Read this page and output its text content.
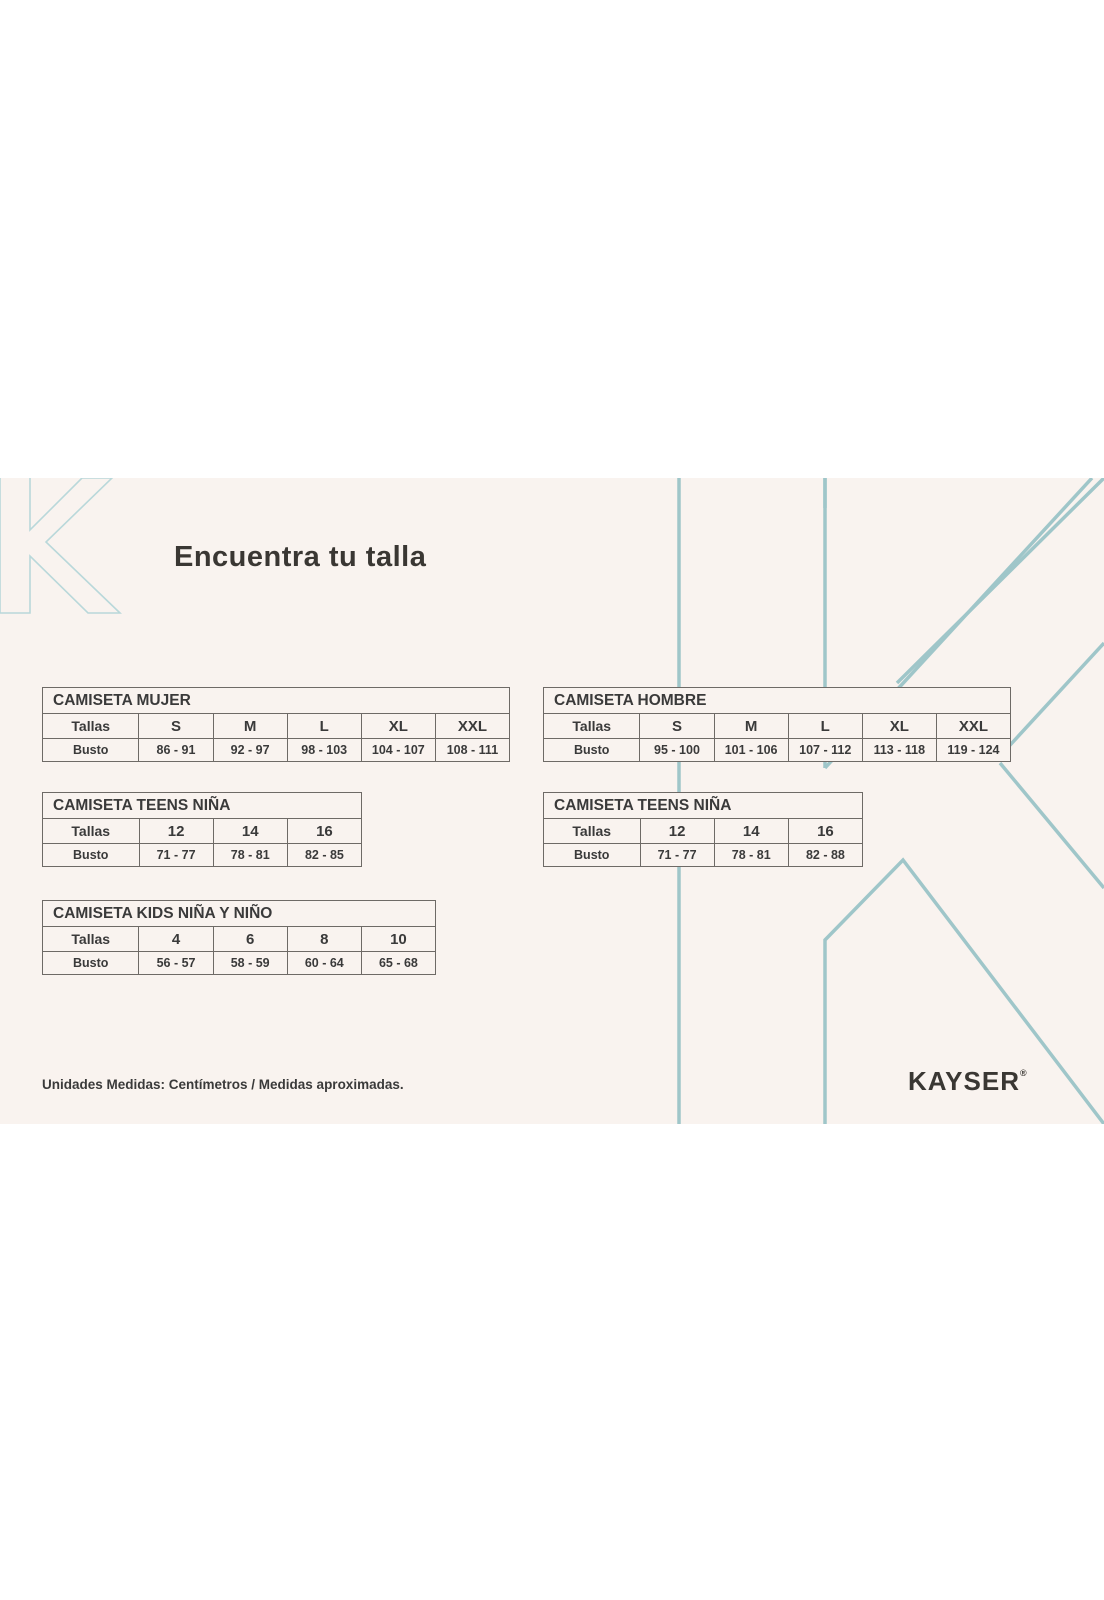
Encuentra tu talla
CAMISETA MUJER					
Tallas	S	M	L	XL	XXL
Busto	86 - 91	92 - 97	98 - 103	104 - 107	108 - 111
CAMISETA HOMBRE					
Tallas	S	M	L	XL	XXL
Busto	95 - 100	101 - 106	107 - 112	113 - 118	119 - 124
CAMISETA TEENS NIÑA			
Tallas	12	14	16
Busto	71 - 77	78 - 81	82 - 85
CAMISETA TEENS NIÑA			
Tallas	12	14	16
Busto	71 - 77	78 - 81	82 - 88
CAMISETA KIDS NIÑA Y NIÑO				
Tallas	4	6	8	10
Busto	56 - 57	58 - 59	60 - 64	65 - 68
Unidades Medidas: Centímetros / Medidas aproximadas.	KAYSER®
